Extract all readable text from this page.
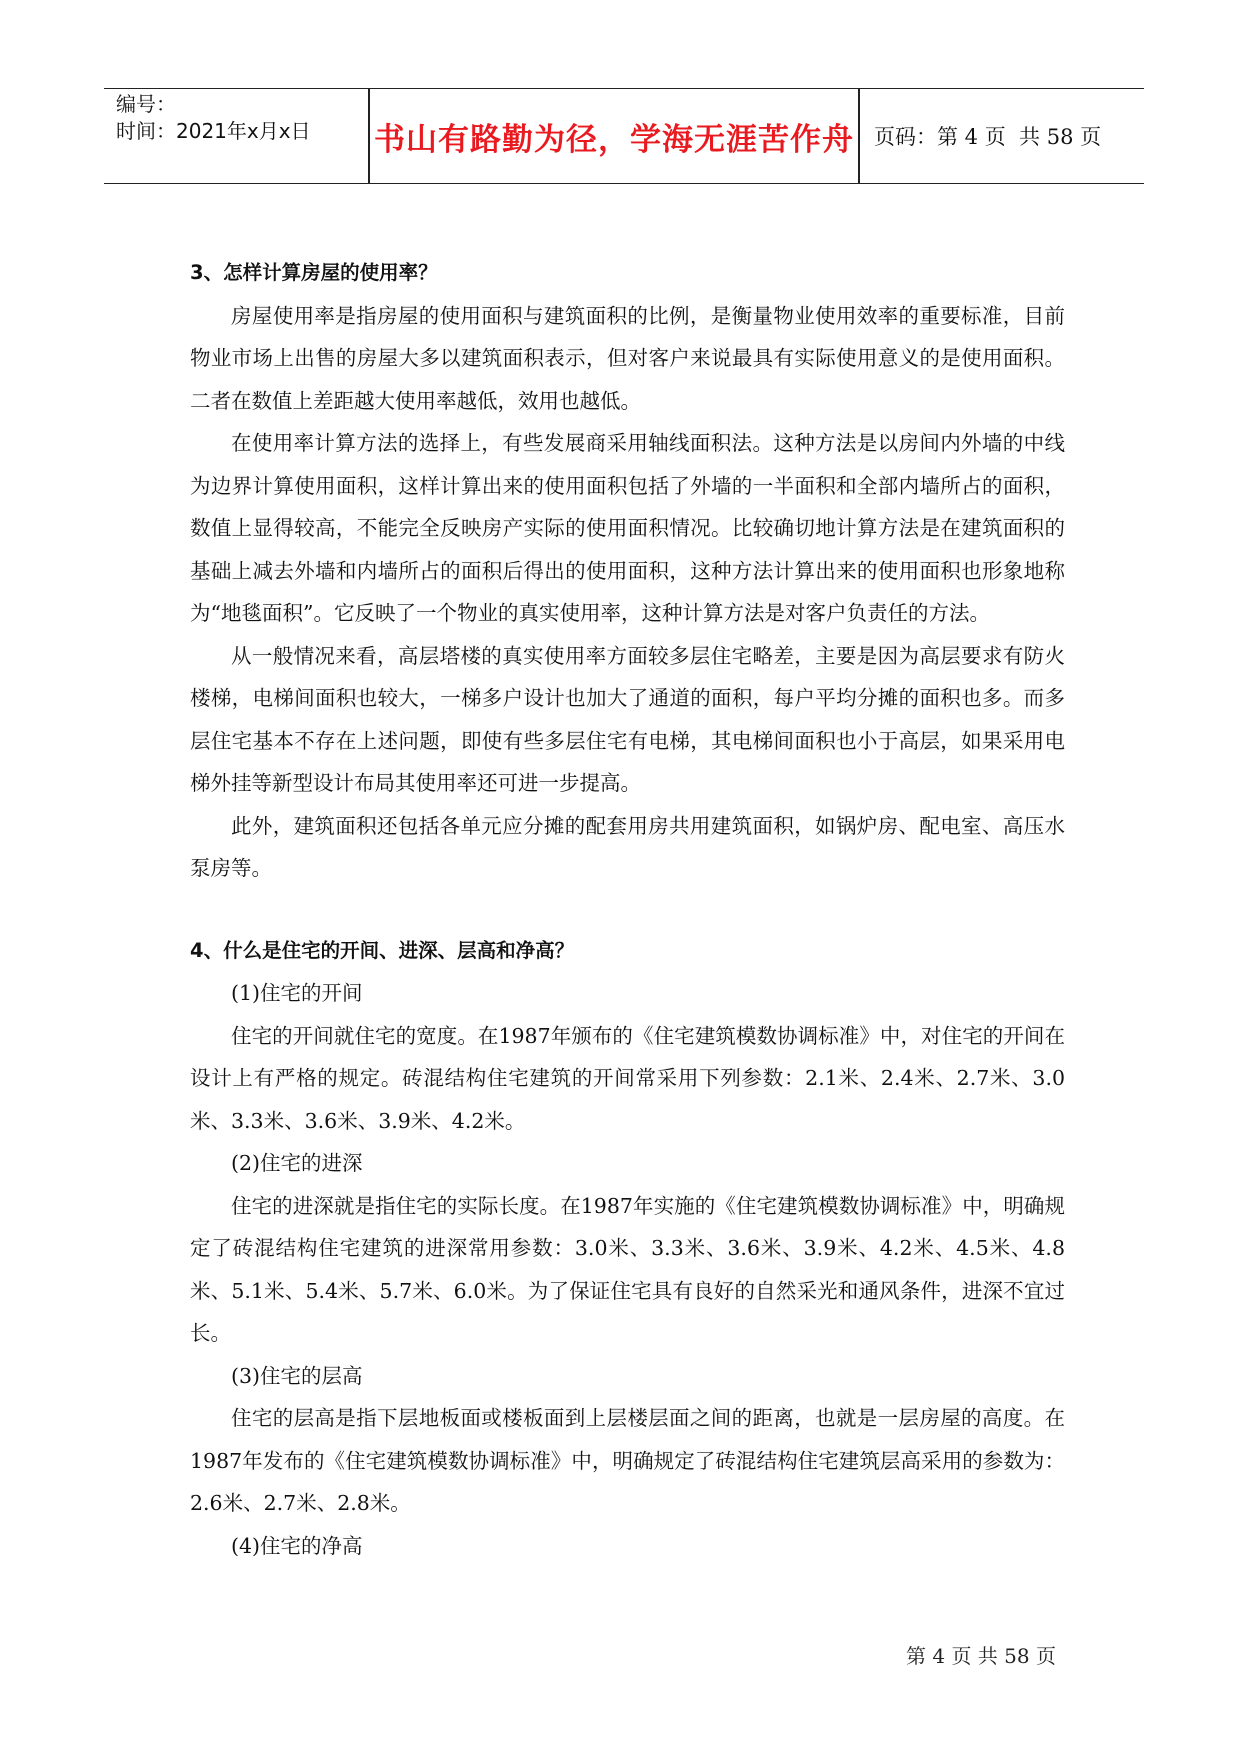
编号：
时间：2021年x月x日	书山有路勤为径，学海无涯苦作舟 页码：第 4 页  共 58 页

3、怎样计算房屋的使用率？

房屋使用率是指房屋的使用面积与建筑面积的比例，是衡量物业使用效率的重要标准，目前物业市场上出售的房屋大多以建筑面积表示，但对客户来说最具有实际使用意义的是使用面积。二者在数值上差距越大使用率越低，效用也越低。

在使用率计算方法的选择上，有些发展商采用轴线面积法。这种方法是以房间内外墙的中线为边界计算使用面积，这样计算出来的使用面积包括了外墙的一半面积和全部内墙所占的面积，数值上显得较高，不能完全反映房产实际的使用面积情况。比较确切地计算方法是在建筑面积的基础上减去外墙和内墙所占的面积后得出的使用面积，这种方法计算出来的使用面积也形象地称为“地毯面积”。它反映了一个物业的真实使用率，这种计算方法是对客户负责任的方法。

从一般情况来看，高层塔楼的真实使用率方面较多层住宅略差，主要是因为高层要求有防火楼梯，电梯间面积也较大，一梯多户设计也加大了通道的面积，每户平均分摊的面积也多。而多层住宅基本不存在上述问题，即使有些多层住宅有电梯，其电梯间面积也小于高层，如果采用电梯外挂等新型设计布局其使用率还可进一步提高。

此外，建筑面积还包括各单元应分摊的配套用房共用建筑面积，如锅炉房、配电室、高压水泵房等。

4、什么是住宅的开间、进深、层高和净高？

(1)住宅的开间

住宅的开间就住宅的宽度。在1987年颁布的《住宅建筑模数协调标准》中，对住宅的开间在设计上有严格的规定。砖混结构住宅建筑的开间常采用下列参数：2.1米、2.4米、2.7米、3.0米、3.3米、3.6米、3.9米、4.2米。

(2)住宅的进深

住宅的进深就是指住宅的实际长度。在1987年实施的《住宅建筑模数协调标准》中，明确规定了砖混结构住宅建筑的进深常用参数：3.0米、3.3米、3.6米、3.9米、4.2米、4.5米、4.8米、5.1米、5.4米、5.7米、6.0米。为了保证住宅具有良好的自然采光和通风条件，进深不宜过长。

(3)住宅的层高

住宅的层高是指下层地板面或楼板面到上层楼层面之间的距离，也就是一层房屋的高度。在1987年发布的《住宅建筑模数协调标准》中，明确规定了砖混结构住宅建筑层高采用的参数为：2.6米、2.7米、2.8米。

(4)住宅的净高

第 4 页 共 58 页
